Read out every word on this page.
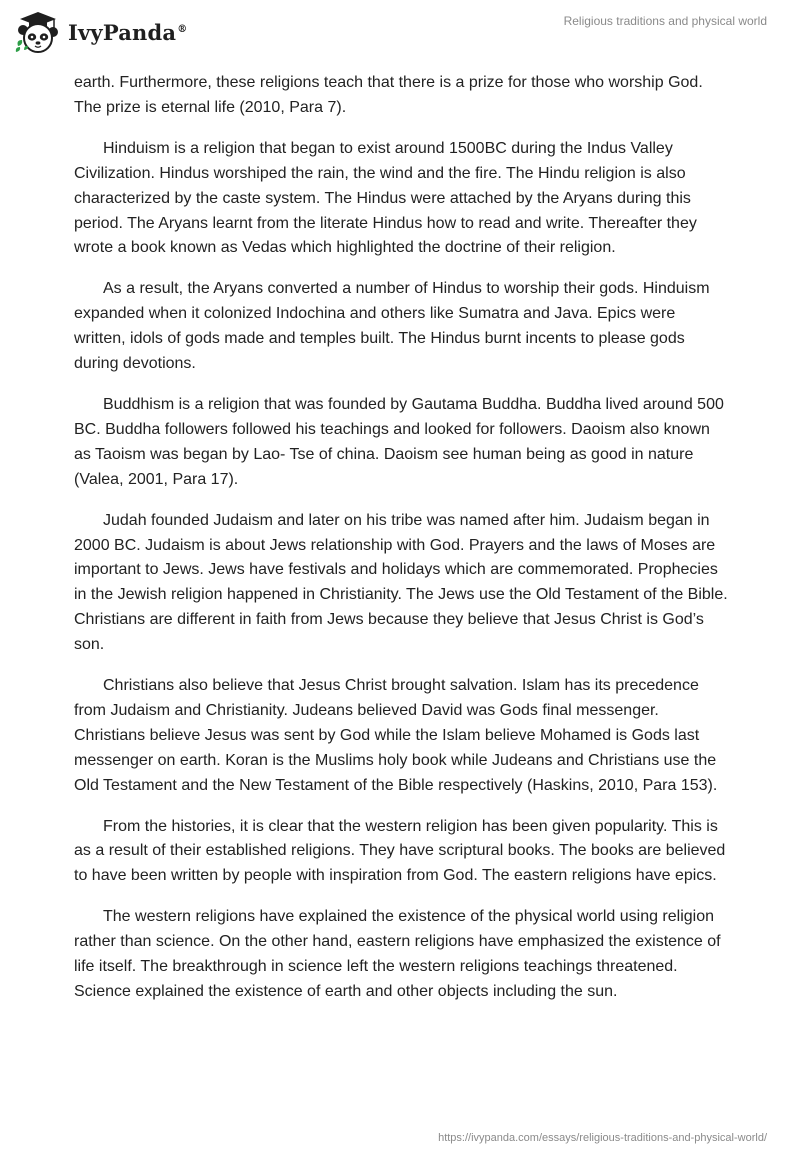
IvyPanda®
Religious traditions and physical world

earth. Furthermore, these religions teach that there is a prize for those who worship God. The prize is eternal life (2010, Para 7).

Hinduism is a religion that began to exist around 1500BC during the Indus Valley Civilization. Hindus worshiped the rain, the wind and the fire. The Hindu religion is also characterized by the caste system. The Hindus were attached by the Aryans during this period. The Aryans learnt from the literate Hindus how to read and write. Thereafter they wrote a book known as Vedas which highlighted the doctrine of their religion.

As a result, the Aryans converted a number of Hindus to worship their gods. Hinduism expanded when it colonized Indochina and others like Sumatra and Java. Epics were written, idols of gods made and temples built. The Hindus burnt incents to please gods during devotions.

Buddhism is a religion that was founded by Gautama Buddha. Buddha lived around 500 BC. Buddha followers followed his teachings and looked for followers. Daoism also known as Taoism was began by Lao- Tse of china. Daoism see human being as good in nature (Valea, 2001, Para 17).

Judah founded Judaism and later on his tribe was named after him. Judaism began in 2000 BC. Judaism is about Jews relationship with God. Prayers and the laws of Moses are important to Jews. Jews have festivals and holidays which are commemorated. Prophecies in the Jewish religion happened in Christianity. The Jews use the Old Testament of the Bible. Christians are different in faith from Jews because they believe that Jesus Christ is God’s son.

Christians also believe that Jesus Christ brought salvation. Islam has its precedence from Judaism and Christianity. Judeans believed David was Gods final messenger. Christians believe Jesus was sent by God while the Islam believe Mohamed is Gods last messenger on earth. Koran is the Muslims holy book while Judeans and Christians use the Old Testament and the New Testament of the Bible respectively (Haskins, 2010, Para 153).

From the histories, it is clear that the western religion has been given popularity. This is as a result of their established religions. They have scriptural books. The books are believed to have been written by people with inspiration from God. The eastern religions have epics.

The western religions have explained the existence of the physical world using religion rather than science. On the other hand, eastern religions have emphasized the existence of life itself. The breakthrough in science left the western religions teachings threatened. Science explained the existence of earth and other objects including the sun.

https://ivypanda.com/essays/religious-traditions-and-physical-world/
